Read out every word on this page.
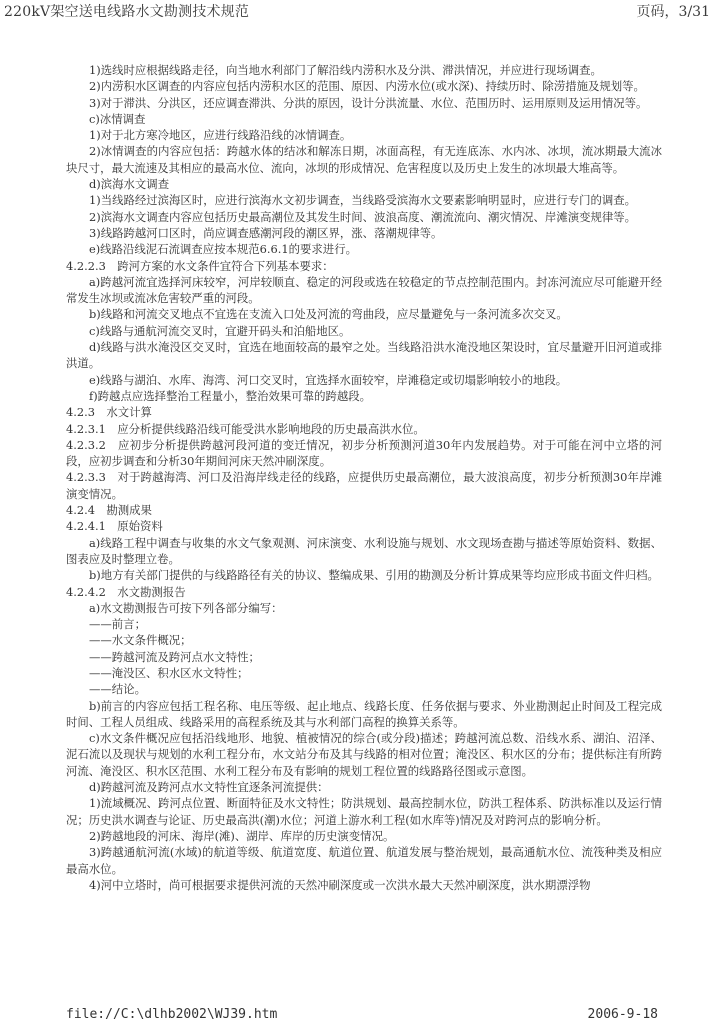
220kV架空送电线路水文勘测技术规范	页码，3/31

1)选线时应根据线路走径，向当地水利部门了解沿线内涝积水及分洪、滞洪情况，并应进行现场调查。

2)内涝积水区调查的内容应包括内涝积水区的范围、原因、内涝水位(或水深)、持续历时、除涝措施及规划等。

3)对于滞洪、分洪区，还应调查滞洪、分洪的原因，设计分洪流量、水位、范围历时、运用原则及运用情况等。

c)冰情调查

1)对于北方寒冷地区，应进行线路沿线的冰情调查。

2)冰情调查的内容应包括：跨越水体的结冰和解冻日期，冰面高程，有无连底冻、水内冰、冰坝，流冰期最大流冰块尺寸，最大流速及其相应的最高水位、流向，冰坝的形成情况、危害程度以及历史上发生的冰坝最大堆高等。

d)滨海水文调查

1)当线路经过滨海区时，应进行滨海水文初步调查，当线路受滨海水文要素影响明显时，应进行专门的调查。

2)滨海水文调查内容应包括历史最高潮位及其发生时间、波浪高度、潮流流向、潮灾情况、岸滩演变规律等。

3)线路跨越河口区时，尚应调查感潮河段的潮区界，涨、落潮规律等。

e)线路沿线泥石流调查应按本规范6.6.1的要求进行。

4.2.2.3　跨河方案的水文条件宜符合下列基本要求：

a)跨越河流宜选择河床较窄，河岸较顺直、稳定的河段或选在较稳定的节点控制范围内。封冻河流应尽可能避开经常发生冰坝或流冰危害较严重的河段。

b)线路和河流交叉地点不宜选在支流入口处及河流的弯曲段，应尽量避免与一条河流多次交叉。

c)线路与通航河流交叉时，宜避开码头和泊船地区。

d)线路与洪水淹没区交叉时，宜选在地面较高的最窄之处。当线路沿洪水淹没地区架设时，宜尽量避开旧河道或排洪道。

e)线路与湖泊、水库、海湾、河口交叉时，宜选择水面较窄，岸滩稳定或切塌影响较小的地段。

f)跨越点应选择整治工程量小，整治效果可靠的跨越段。

4.2.3　水文计算

4.2.3.1　应分析提供线路沿线可能受洪水影响地段的历史最高洪水位。

4.2.3.2　应初步分析提供跨越河段河道的变迁情况，初步分析预测河道30年内发展趋势。对于可能在河中立塔的河段，应初步调查和分析30年期间河床天然冲刷深度。

4.2.3.3　对于跨越海湾、河口及沿海岸线走径的线路，应提供历史最高潮位，最大波浪高度，初步分析预测30年岸滩演变情况。

4.2.4　勘测成果

4.2.4.1　原始资料

a)线路工程中调查与收集的水文气象观测、河床演变、水利设施与规划、水文现场查勘与描述等原始资料、数据、图表应及时整理立卷。

b)地方有关部门提供的与线路路径有关的协议、整编成果、引用的勘测及分析计算成果等均应形成书面文件归档。

4.2.4.2　水文勘测报告

a)水文勘测报告可按下列各部分编写：

——前言；

——水文条件概况；

——跨越河流及跨河点水文特性；

——淹没区、积水区水文特性；

——结论。

b)前言的内容应包括工程名称、电压等级、起止地点、线路长度、任务依据与要求、外业勘测起止时间及工程完成时间、工程人员组成、线路采用的高程系统及其与水利部门高程的换算关系等。

c)水文条件概况应包括沿线地形、地貌、植被情况的综合(或分段)描述；跨越河流总数、沿线水系、湖泊、沼泽、泥石流以及现状与规划的水利工程分布，水文站分布及其与线路的相对位置；淹没区、积水区的分布；提供标注有所跨河流、淹没区、积水区范围、水利工程分布及有影响的规划工程位置的线路路径图或示意图。

d)跨越河流及跨河点水文特性宜逐条河流提供：

1)流域概况、跨河点位置、断面特征及水文特性；防洪规划、最高控制水位，防洪工程体系、防洪标准以及运行情况；历史洪水调查与论证、历史最高洪(潮)水位；河道上游水利工程(如水库等)情况及对跨河点的影响分析。

2)跨越地段的河床、海岸(滩)、湖岸、库岸的历史演变情况。

3)跨越通航河流(水域)的航道等级、航道宽度、航道位置、航道发展与整治规划，最高通航水位、流筏种类及相应最高水位。

4)河中立塔时，尚可根据要求提供河流的天然冲刷深度或一次洪水最大天然冲刷深度，洪水期漂浮物

file://C:\dlhb2002\WJ39.htm	2006-9-18
